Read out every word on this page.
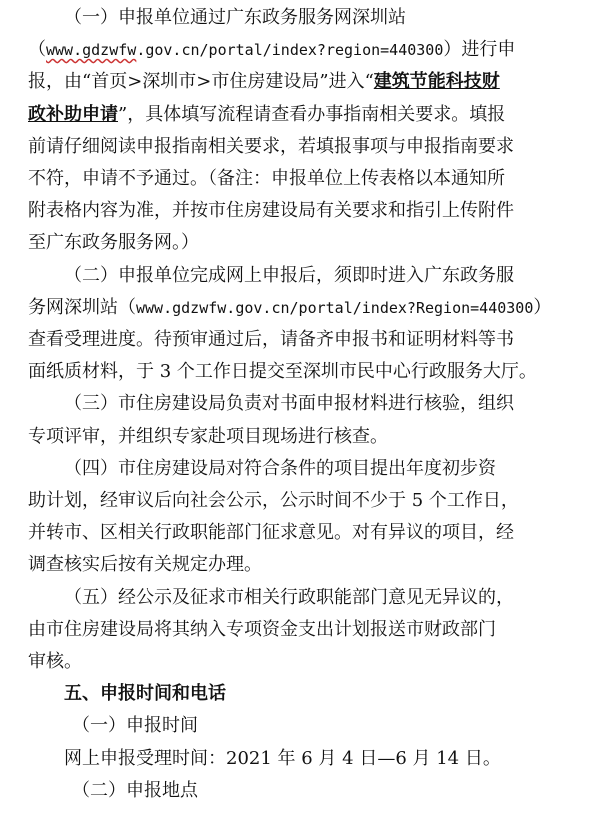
（一）申报单位通过广东政务服务网深圳站
（www.gdzwfw.gov.cn/portal/index?region=440300）进行申
报，由“首页>深圳市>市住房建设局”进入“建筑节能科技财
政补助申请”，具体填写流程请查看办事指南相关要求。填报
前请仔细阅读申报指南相关要求，若填报事项与申报指南要求
不符，申请不予通过。（备注：申报单位上传表格以本通知所
附表格内容为准，并按市住房建设局有关要求和指引上传附件
至广东政务服务网。）

（二）申报单位完成网上申报后，须即时进入广东政务服
务网深圳站（www.gdzwfw.gov.cn/portal/index?Region=440300）
查看受理进度。待预审通过后，请备齐申报书和证明材料等书
面纸质材料，于 3 个工作日提交至深圳市民中心行政服务大厅。

（三）市住房建设局负责对书面申报材料进行核验，组织
专项评审，并组织专家赴项目现场进行核查。

（四）市住房建设局对符合条件的项目提出年度初步资
助计划，经审议后向社会公示，公示时间不少于 5 个工作日，
并转市、区相关行政职能部门征求意见。对有异议的项目，经
调查核实后按有关规定办理。

（五）经公示及征求市相关行政职能部门意见无异议的，
由市住房建设局将其纳入专项资金支出计划报送市财政部门
审核。

五、申报时间和电话

（一）申报时间

网上申报受理时间：2021 年 6 月 4 日—6 月 14 日。

（二）申报地点
